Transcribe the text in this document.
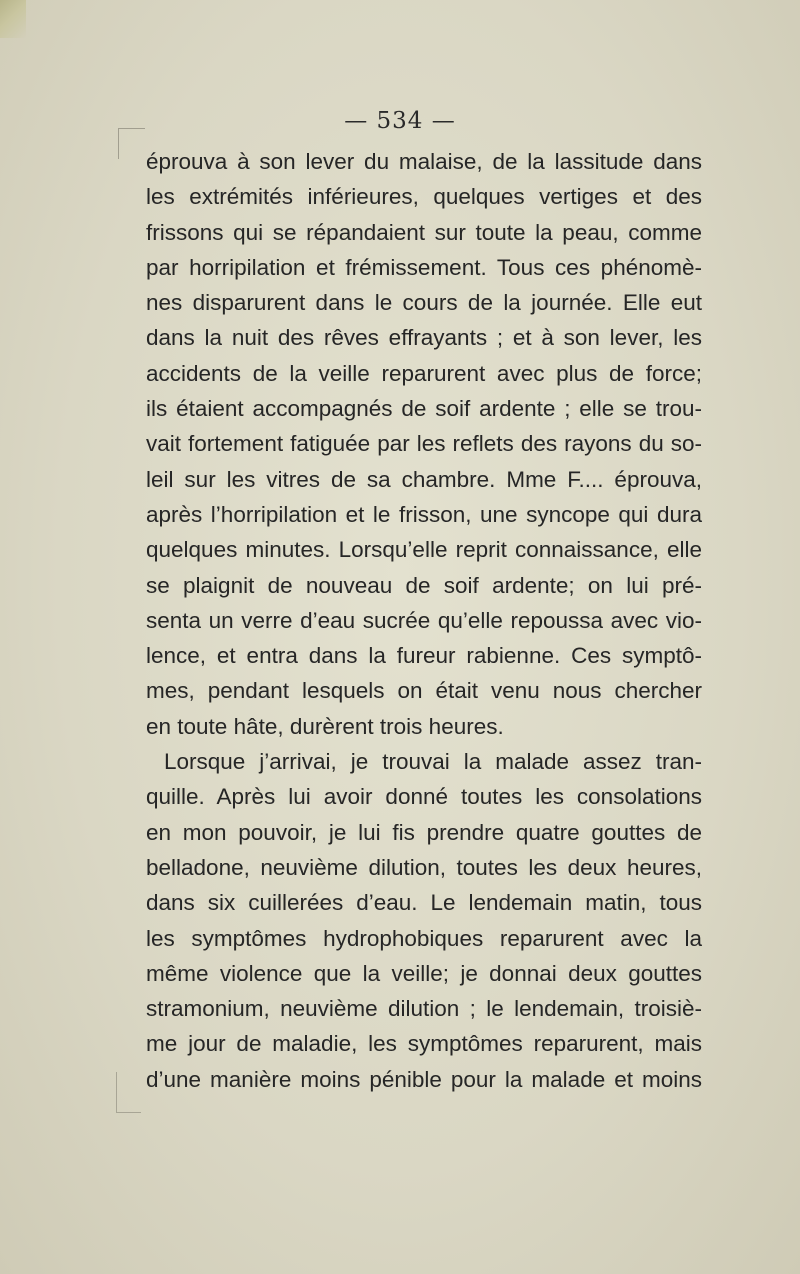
— 534 —
éprouva à son lever du malaise, de la lassitude dans
les extrémités inférieures, quelques vertiges et des
frissons qui se répandaient sur toute la peau, comme
par horripilation et frémissement. Tous ces phénomè-
nes disparurent dans le cours de la journée. Elle eut
dans la nuit des rêves effrayants ; et à son lever, les
accidents de la veille reparurent avec plus de force;
ils étaient accompagnés de soif ardente ; elle se trou-
vait fortement fatiguée par les reflets des rayons du so-
leil sur les vitres de sa chambre. Mme F.... éprouva,
après l’horripilation et le frisson, une syncope qui dura
quelques minutes. Lorsqu’elle reprit connaissance, elle
se plaignit de nouveau de soif ardente; on lui pré-
senta un verre d’eau sucrée qu’elle repoussa avec vio-
lence, et entra dans la fureur rabienne. Ces symptô-
mes, pendant lesquels on était venu nous chercher
en toute hâte, durèrent trois heures.
Lorsque j’arrivai, je trouvai la malade assez tran-
quille. Après lui avoir donné toutes les consolations
en mon pouvoir, je lui fis prendre quatre gouttes de
belladone, neuvième dilution, toutes les deux heures,
dans six cuillerées d’eau. Le lendemain matin, tous
les symptômes hydrophobiques reparurent avec la
même violence que la veille; je donnai deux gouttes
stramonium, neuvième dilution ; le lendemain, troisiè-
me jour de maladie, les symptômes reparurent, mais
d’une manière moins pénible pour la malade et moins
